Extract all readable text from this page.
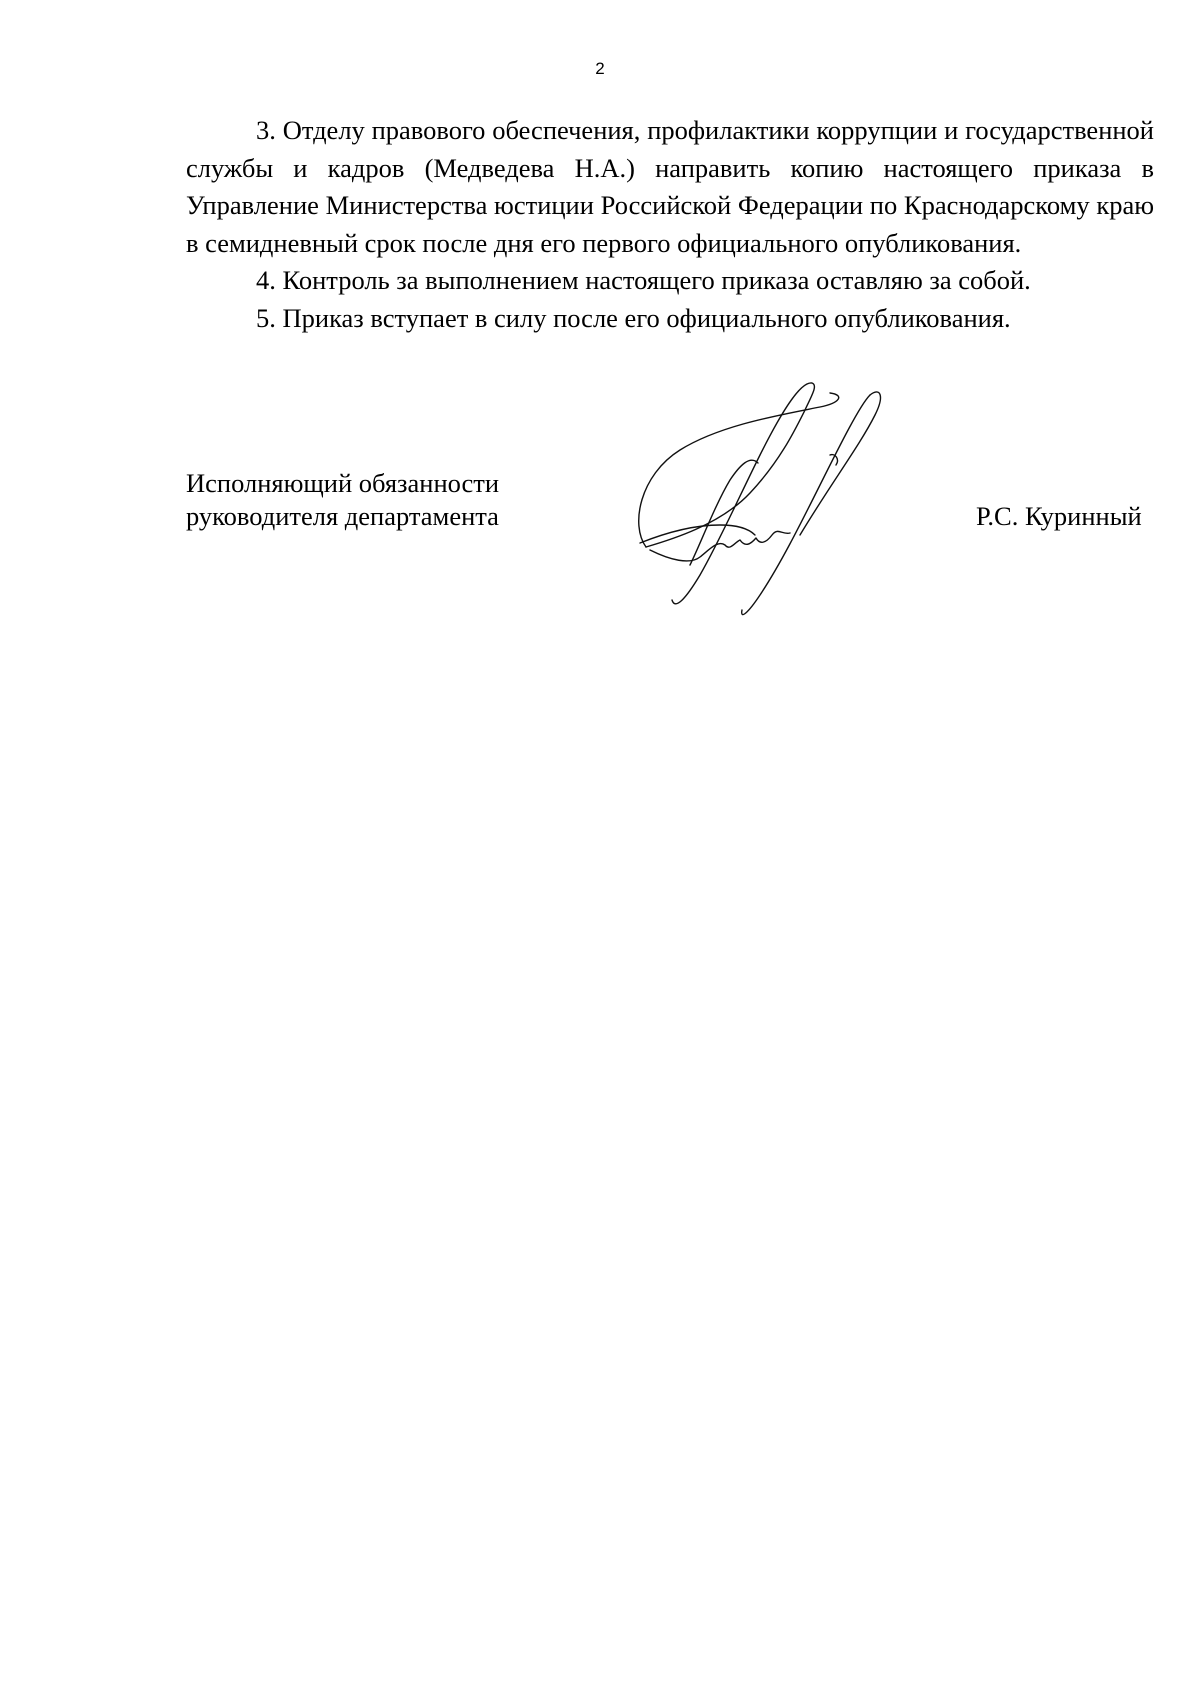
2

3. Отделу правового обеспечения, профилактики коррупции и государственной службы и кадров (Медведева Н.А.) направить копию настоящего приказа в Управление Министерства юстиции Российской Федерации по Краснодарскому краю в семидневный срок после дня его первого официального опубликования.

4. Контроль за выполнением настоящего приказа оставляю за собой.

5. Приказ вступает в силу после его официального опубликования.

Исполняющий обязанности
руководителя департамента	Р.С. Куринный
